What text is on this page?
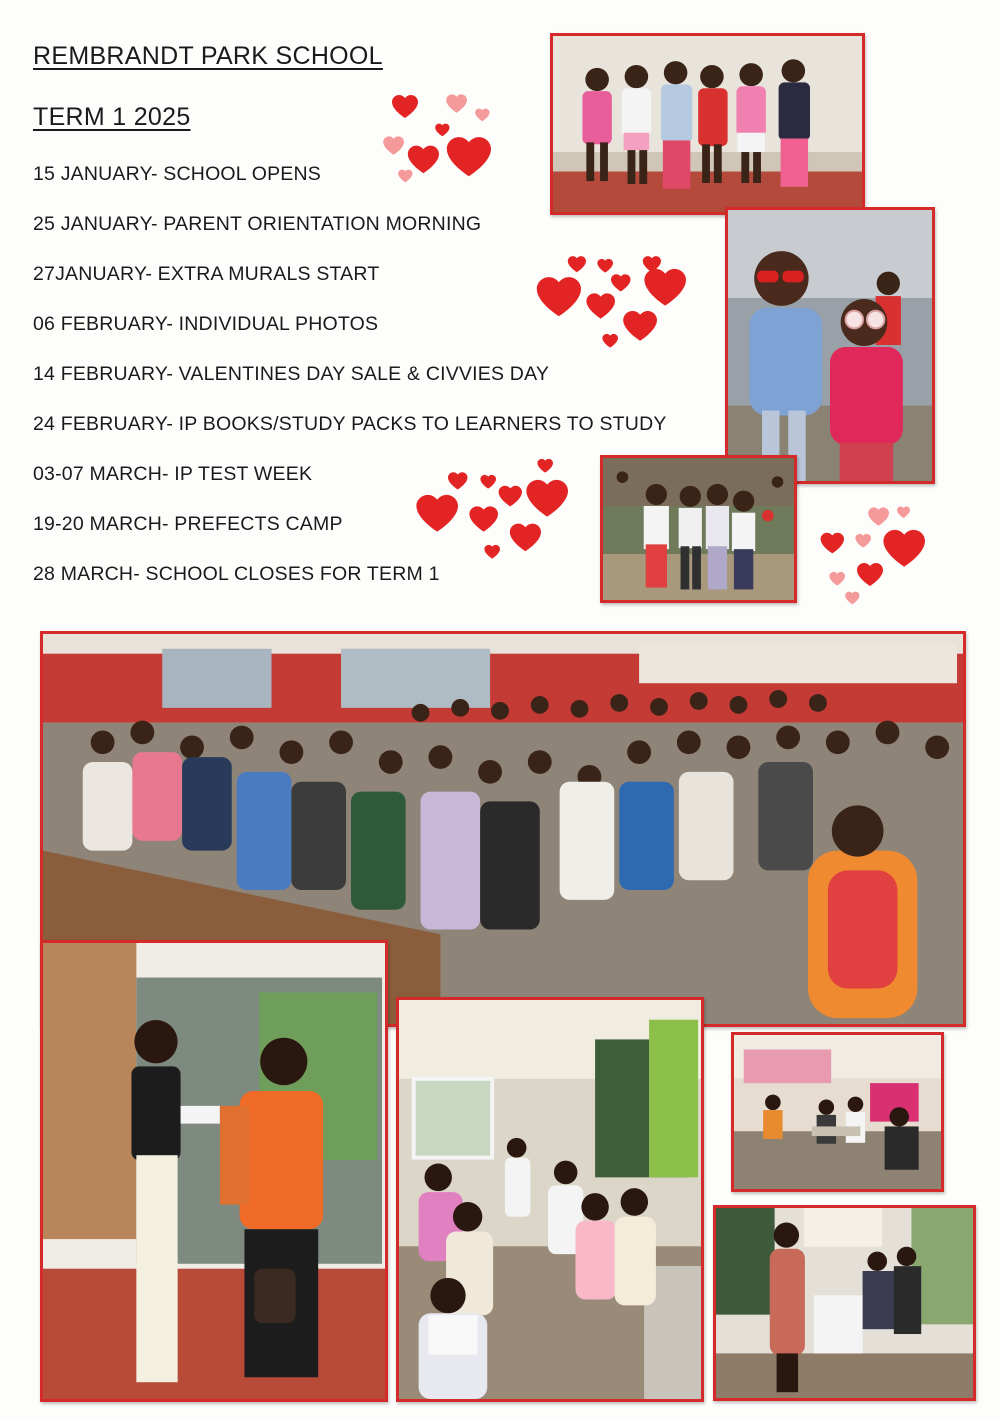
REMBRANDT PARK SCHOOL
TERM 1 2025
15 JANUARY- SCHOOL OPENS
25 JANUARY- PARENT ORIENTATION MORNING
27JANUARY- EXTRA MURALS START
06 FEBRUARY- INDIVIDUAL PHOTOS
14 FEBRUARY- VALENTINES DAY SALE & CIVVIES DAY
24 FEBRUARY- IP BOOKS/STUDY PACKS TO LEARNERS TO STUDY
03-07 MARCH- IP TEST WEEK
19-20 MARCH- PREFECTS CAMP
28 MARCH- SCHOOL CLOSES FOR TERM 1
